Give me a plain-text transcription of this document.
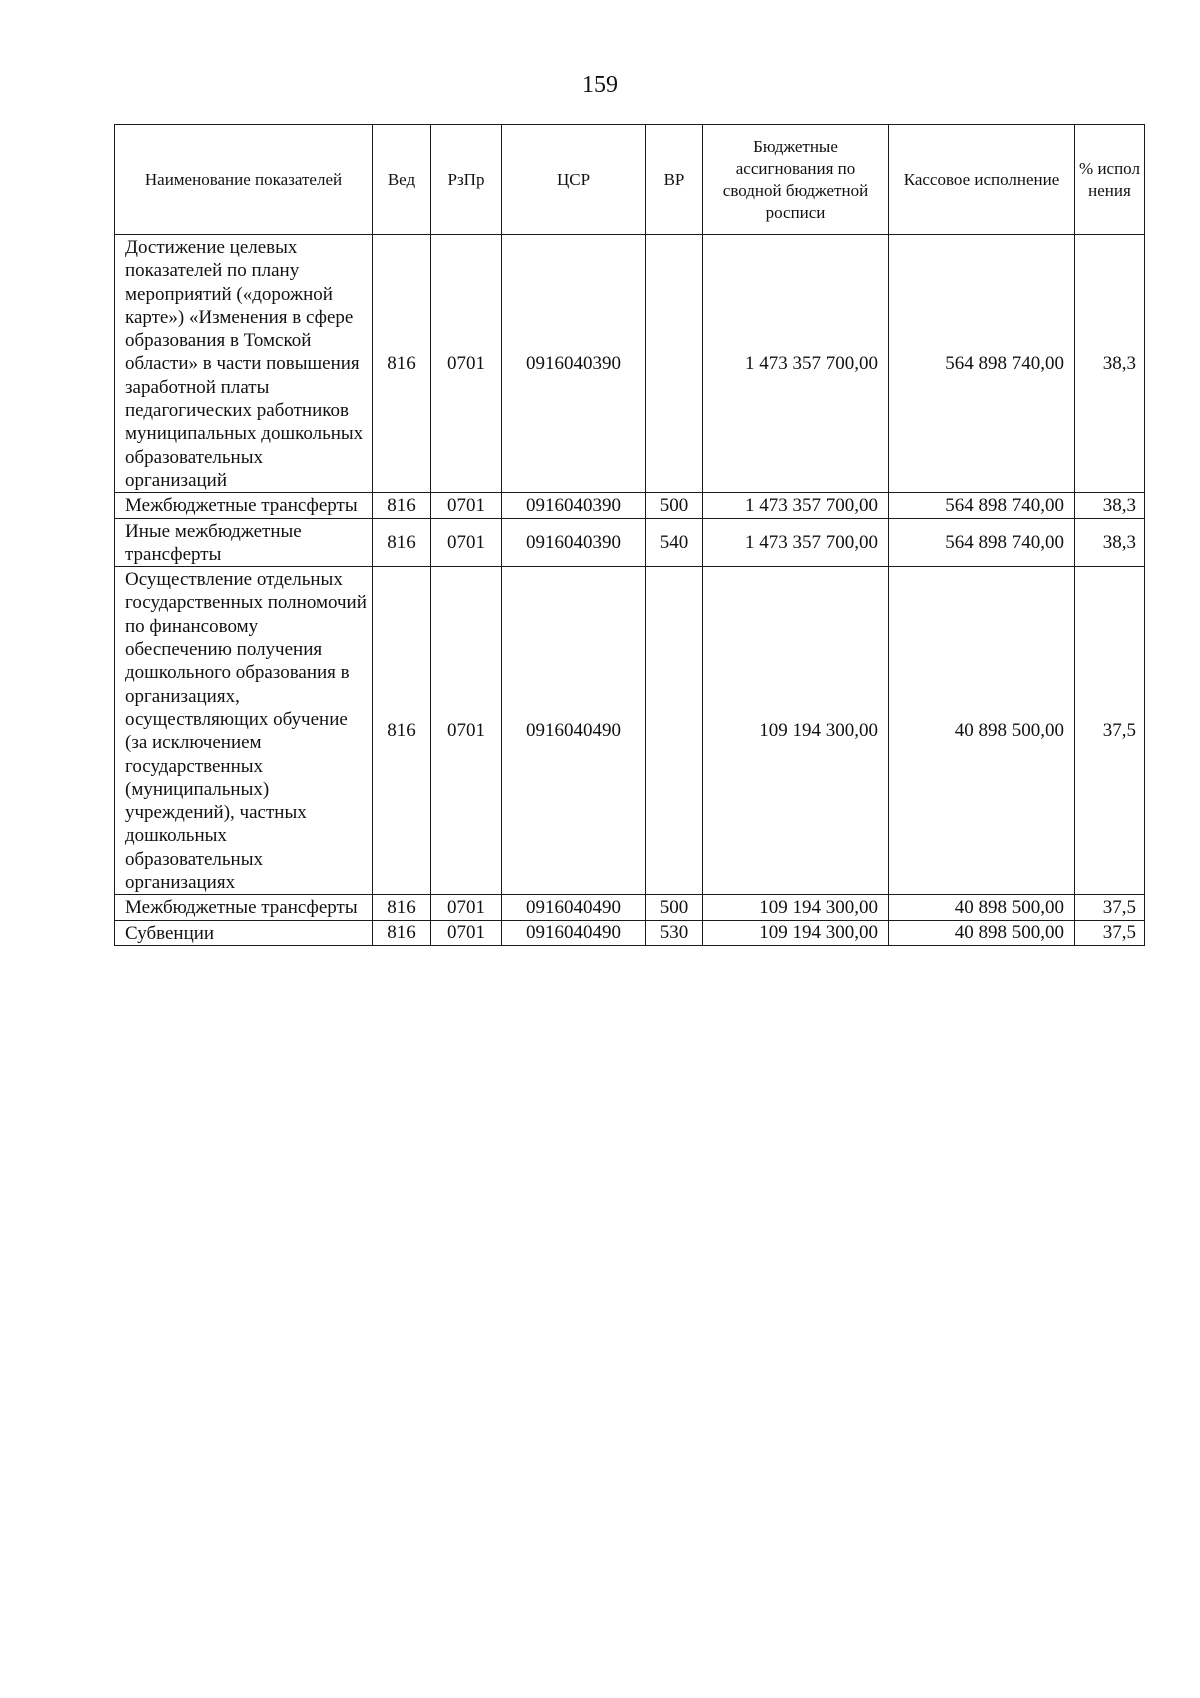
159
Наименование показателей	Вед	РзПр	ЦСР	ВР	Бюджетные ассигнования по сводной бюджетной росписи	Кассовое исполнение	% испол нения
Достижение целевых показателей по плану мероприятий («дорожной карте») «Изменения в сфере образования в Томской области» в части повышения заработной платы педагогических работников муниципальных дошкольных образовательных организаций	816	0701	0916040390		1 473 357 700,00	564 898 740,00	38,3
Межбюджетные трансферты	816	0701	0916040390	500	1 473 357 700,00	564 898 740,00	38,3
Иные межбюджетные трансферты	816	0701	0916040390	540	1 473 357 700,00	564 898 740,00	38,3
Осуществление отдельных государственных полномочий по финансовому обеспечению получения дошкольного образования в организациях, осуществляющих обучение (за исключением государственных (муниципальных) учреждений), частных дошкольных образовательных организациях	816	0701	0916040490		109 194 300,00	40 898 500,00	37,5
Межбюджетные трансферты	816	0701	0916040490	500	109 194 300,00	40 898 500,00	37,5
Субвенции	816	0701	0916040490	530	109 194 300,00	40 898 500,00	37,5
